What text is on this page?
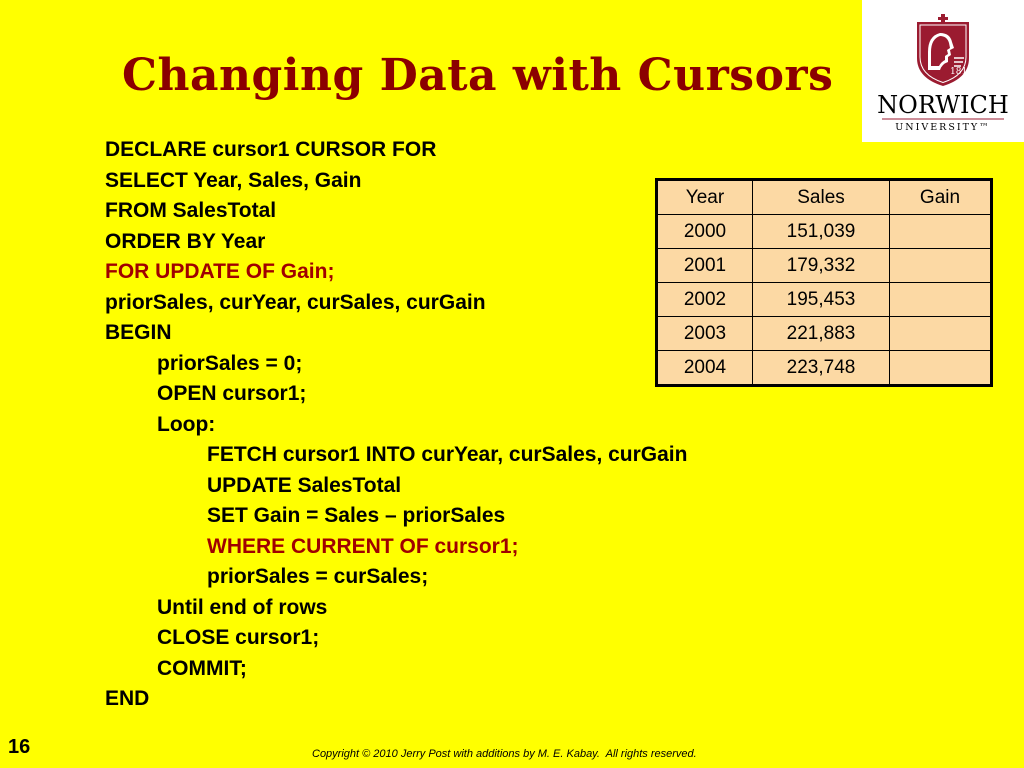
Changing Data with Cursors	1819
NORWICH
UNIVERSITY™
DECLARE cursor1 CURSOR FOR
SELECT Year, Sales, Gain
FROM SalesTotal
ORDER BY Year
FOR UPDATE OF Gain;
priorSales, curYear, curSales, curGain
BEGIN
priorSales = 0;
OPEN cursor1;
Loop:
FETCH cursor1 INTO curYear, curSales, curGain
UPDATE SalesTotal
SET Gain = Sales – priorSales
WHERE CURRENT OF cursor1;
priorSales = curSales;
Until end of rows
CLOSE cursor1;
COMMIT;
END
Year	Sales	Gain
2000	151,039	
2001	179,332	
2002	195,453	
2003	221,883	
2004	223,748	
16	Copyright © 2010 Jerry Post with additions by M. E. Kabay.  All rights reserved.
